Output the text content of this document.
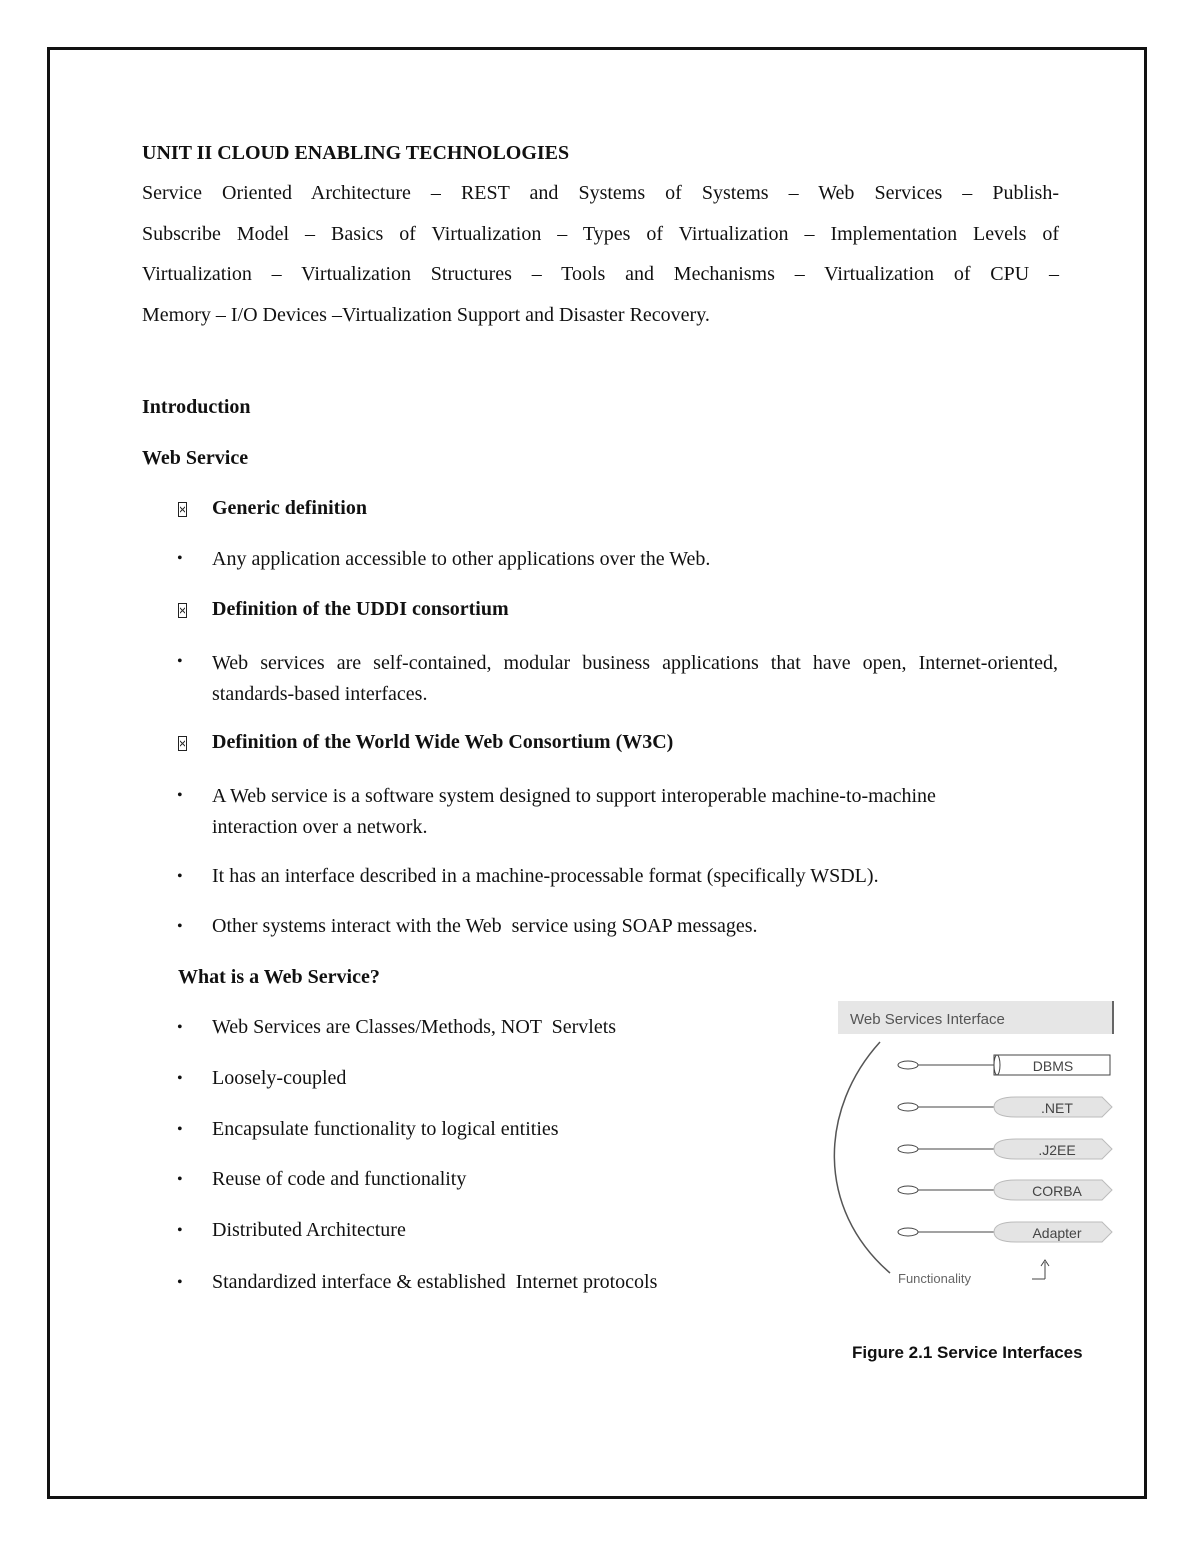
UNIT II CLOUD ENABLING TECHNOLOGIES
Service Oriented Architecture – REST and Systems of Systems – Web Services – Publish-
Subscribe Model – Basics of Virtualization – Types of Virtualization – Implementation Levels of
Virtualization – Virtualization Structures – Tools and Mechanisms – Virtualization of CPU –
Memory – I/O Devices –Virtualization Support and Disaster Recovery.
Introduction
Web Service
Generic definition
• Any application accessible to other applications over the Web.
Definition of the UDDI consortium
• Web services are self-contained, modular business applications that have open, Internet-oriented, standards-based interfaces.
Definition of the World Wide Web Consortium (W3C)
• A Web service is a software system designed to support interoperable machine-to-machine interaction over a network.
• It has an interface described in a machine-processable format (specifically WSDL).
• Other systems interact with the Web  service using SOAP messages.
What is a Web Service?
• Web Services are Classes/Methods, NOT  Servlets
• Loosely-coupled
• Encapsulate functionality to logical entities
• Reuse of code and functionality
• Distributed Architecture
• Standardized interface & established  Internet protocols
Web Services Interface
DBMS
.NET
.J2EE
CORBA
Adapter
Functionality
Figure 2.1 Service Interfaces
